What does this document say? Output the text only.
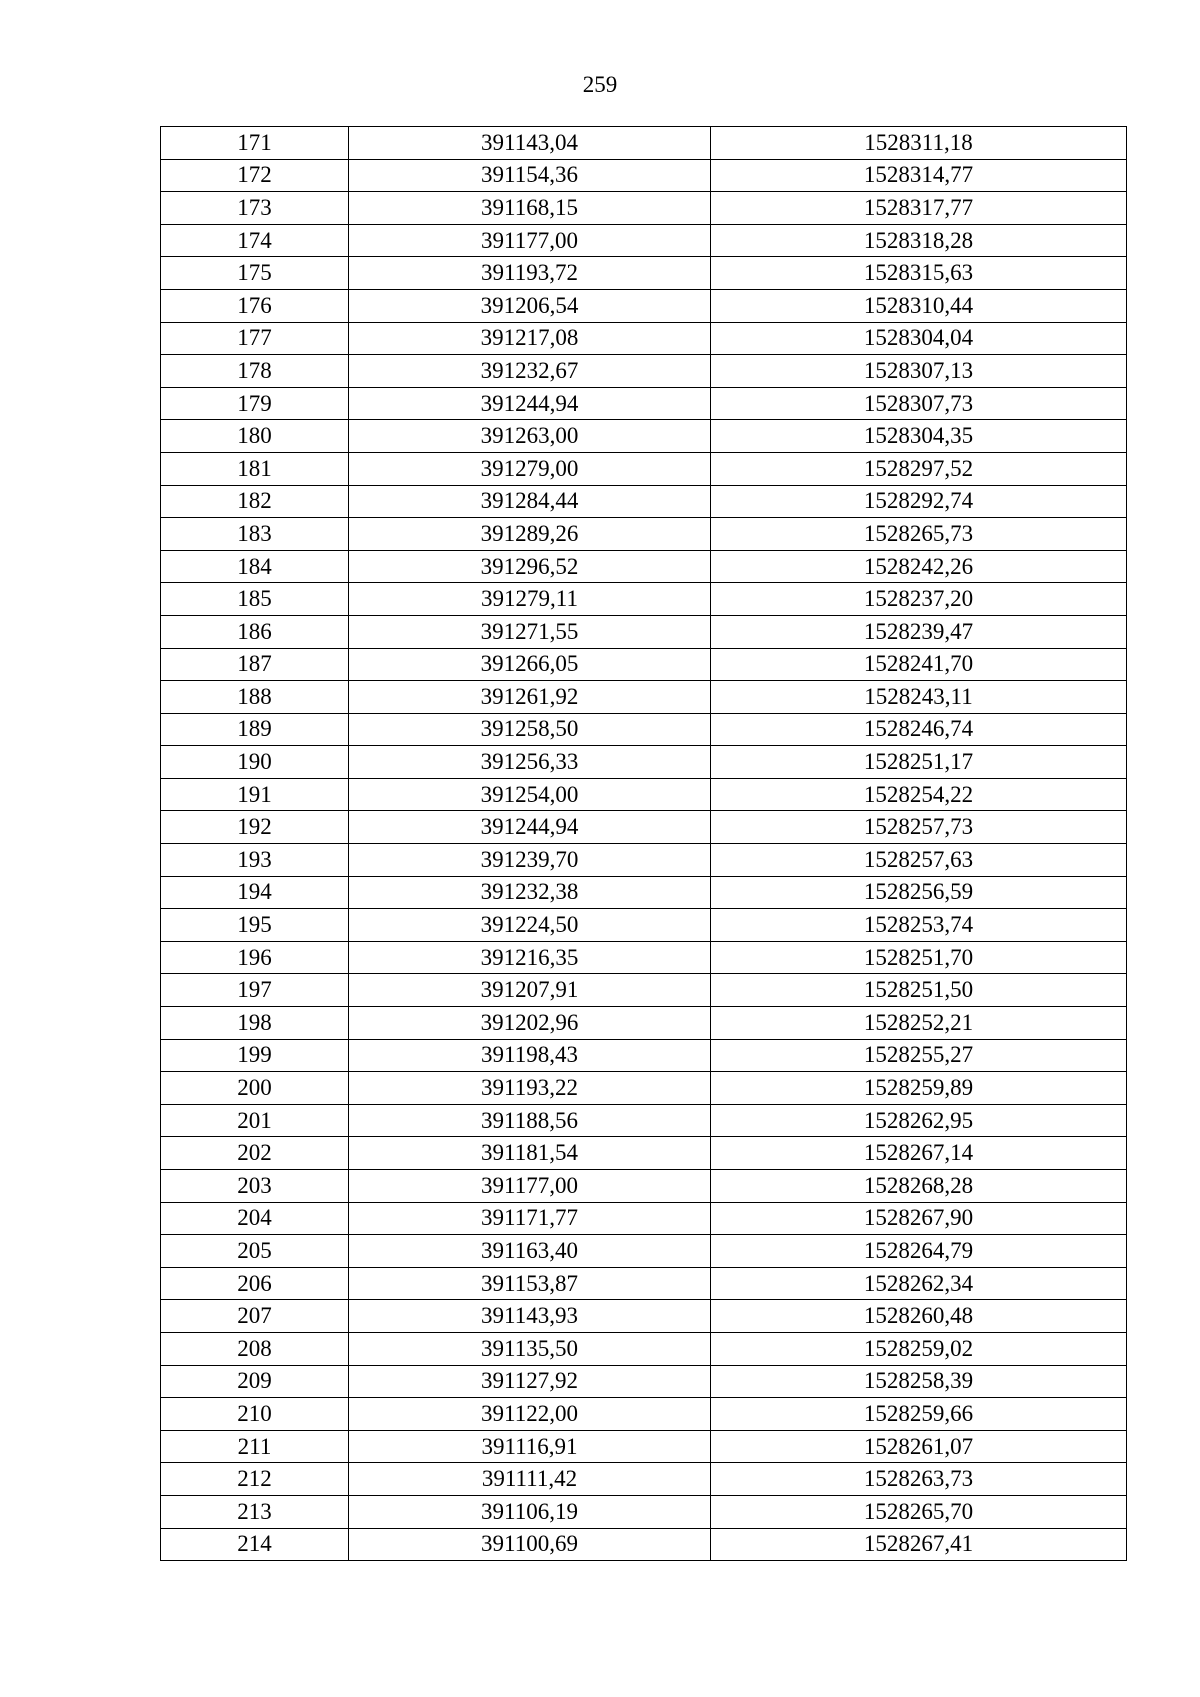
259
171	391143,04	1528311,18
172	391154,36	1528314,77
173	391168,15	1528317,77
174	391177,00	1528318,28
175	391193,72	1528315,63
176	391206,54	1528310,44
177	391217,08	1528304,04
178	391232,67	1528307,13
179	391244,94	1528307,73
180	391263,00	1528304,35
181	391279,00	1528297,52
182	391284,44	1528292,74
183	391289,26	1528265,73
184	391296,52	1528242,26
185	391279,11	1528237,20
186	391271,55	1528239,47
187	391266,05	1528241,70
188	391261,92	1528243,11
189	391258,50	1528246,74
190	391256,33	1528251,17
191	391254,00	1528254,22
192	391244,94	1528257,73
193	391239,70	1528257,63
194	391232,38	1528256,59
195	391224,50	1528253,74
196	391216,35	1528251,70
197	391207,91	1528251,50
198	391202,96	1528252,21
199	391198,43	1528255,27
200	391193,22	1528259,89
201	391188,56	1528262,95
202	391181,54	1528267,14
203	391177,00	1528268,28
204	391171,77	1528267,90
205	391163,40	1528264,79
206	391153,87	1528262,34
207	391143,93	1528260,48
208	391135,50	1528259,02
209	391127,92	1528258,39
210	391122,00	1528259,66
211	391116,91	1528261,07
212	391111,42	1528263,73
213	391106,19	1528265,70
214	391100,69	1528267,41
